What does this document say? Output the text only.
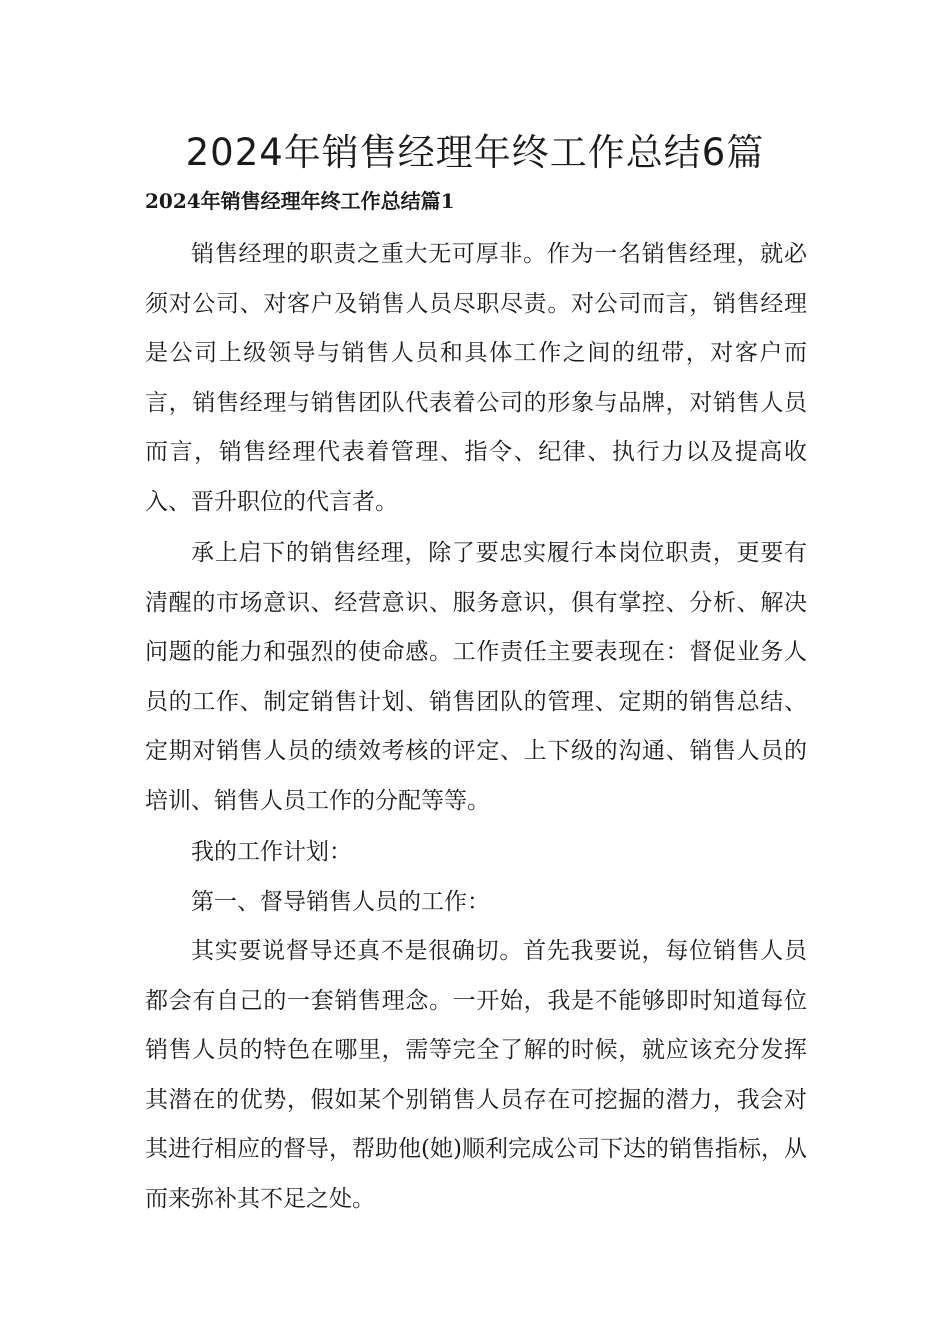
2024年销售经理年终工作总结6篇
2024年销售经理年终工作总结篇1

销售经理的职责之重大无可厚非。作为一名销售经理，就必须对公司、对客户及销售人员尽职尽责。对公司而言，销售经理是公司上级领导与销售人员和具体工作之间的纽带，对客户而言，销售经理与销售团队代表着公司的形象与品牌，对销售人员而言，销售经理代表着管理、指令、纪律、执行力以及提高收入、晋升职位的代言者。

承上启下的销售经理，除了要忠实履行本岗位职责，更要有清醒的市场意识、经营意识、服务意识，俱有掌控、分析、解决问题的能力和强烈的使命感。工作责任主要表现在：督促业务人员的工作、制定销售计划、销售团队的管理、定期的销售总结、定期对销售人员的绩效考核的评定、上下级的沟通、销售人员的培训、销售人员工作的分配等等。

我的工作计划：

第一、督导销售人员的工作：

其实要说督导还真不是很确切。首先我要说，每位销售人员都会有自己的一套销售理念。一开始，我是不能够即时知道每位销售人员的特色在哪里，需等完全了解的时候，就应该充分发挥其潜在的优势，假如某个别销售人员存在可挖掘的潜力，我会对其进行相应的督导，帮助他(她)顺利完成公司下达的销售指标，从而来弥补其不足之处。
